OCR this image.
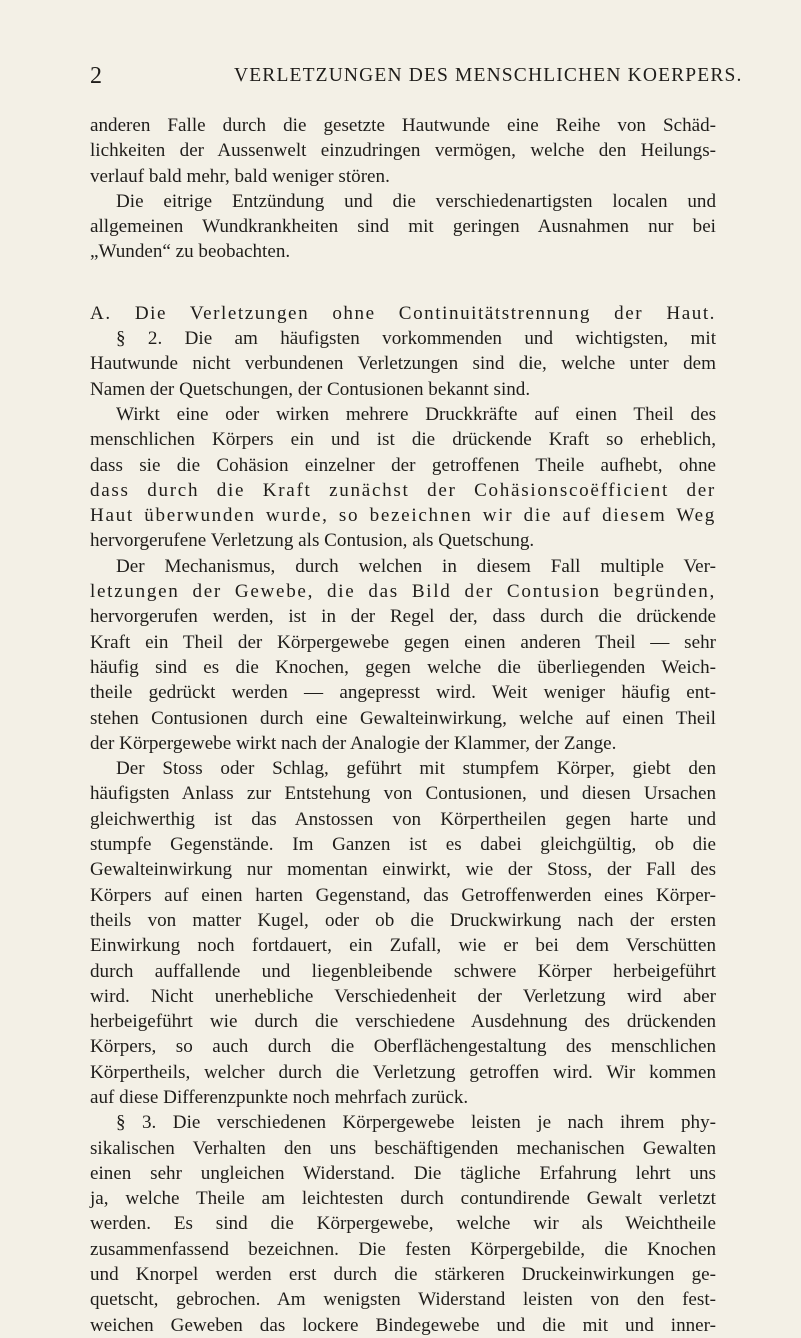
2	VERLETZUNGEN DES MENSCHLICHEN KOERPERS.
anderen Falle durch die gesetzte Hautwunde eine Reihe von Schäd-
lichkeiten der Aussenwelt einzudringen vermögen, welche den Heilungs-
verlauf bald mehr, bald weniger stören.
Die eitrige Entzündung und die verschiedenartigsten localen und
allgemeinen Wundkrankheiten sind mit geringen Ausnahmen nur bei
„Wunden“ zu beobachten.
A. Die Verletzungen ohne Continuitätstrennung der Haut.
§ 2. Die am häufigsten vorkommenden und wichtigsten, mit
Hautwunde nicht verbundenen Verletzungen sind die, welche unter dem
Namen der Quetschungen, der Contusionen bekannt sind.
Wirkt eine oder wirken mehrere Druckkräfte auf einen Theil des
menschlichen Körpers ein und ist die drückende Kraft so erheblich,
dass sie die Cohäsion einzelner der getroffenen Theile aufhebt, ohne
dass durch die Kraft zunächst der Cohäsionscoëfficient der
Haut überwunden wurde, so bezeichnen wir die auf diesem Weg
hervorgerufene Verletzung als Contusion, als Quetschung.
Der Mechanismus, durch welchen in diesem Fall multiple Ver-
letzungen der Gewebe, die das Bild der Contusion begründen,
hervorgerufen werden, ist in der Regel der, dass durch die drückende
Kraft ein Theil der Körpergewebe gegen einen anderen Theil — sehr
häufig sind es die Knochen, gegen welche die überliegenden Weich-
theile gedrückt werden — angepresst wird. Weit weniger häufig ent-
stehen Contusionen durch eine Gewalteinwirkung, welche auf einen Theil
der Körpergewebe wirkt nach der Analogie der Klammer, der Zange.
Der Stoss oder Schlag, geführt mit stumpfem Körper, giebt den
häufigsten Anlass zur Entstehung von Contusionen, und diesen Ursachen
gleichwerthig ist das Anstossen von Körpertheilen gegen harte und
stumpfe Gegenstände. Im Ganzen ist es dabei gleichgültig, ob die
Gewalteinwirkung nur momentan einwirkt, wie der Stoss, der Fall des
Körpers auf einen harten Gegenstand, das Getroffenwerden eines Körper-
theils von matter Kugel, oder ob die Druckwirkung nach der ersten
Einwirkung noch fortdauert, ein Zufall, wie er bei dem Verschütten
durch auffallende und liegenbleibende schwere Körper herbeigeführt
wird. Nicht unerhebliche Verschiedenheit der Verletzung wird aber
herbeigeführt wie durch die verschiedene Ausdehnung des drückenden
Körpers, so auch durch die Oberflächengestaltung des menschlichen
Körpertheils, welcher durch die Verletzung getroffen wird. Wir kommen
auf diese Differenzpunkte noch mehrfach zurück.
§ 3. Die verschiedenen Körpergewebe leisten je nach ihrem phy-
sikalischen Verhalten den uns beschäftigenden mechanischen Gewalten
einen sehr ungleichen Widerstand. Die tägliche Erfahrung lehrt uns
ja, welche Theile am leichtesten durch contundirende Gewalt verletzt
werden. Es sind die Körpergewebe, welche wir als Weichtheile
zusammenfassend bezeichnen. Die festen Körpergebilde, die Knochen
und Knorpel werden erst durch die stärkeren Druckeinwirkungen ge-
quetscht, gebrochen. Am wenigsten Widerstand leisten von den fest-
weichen Geweben das lockere Bindegewebe und die mit und inner-
